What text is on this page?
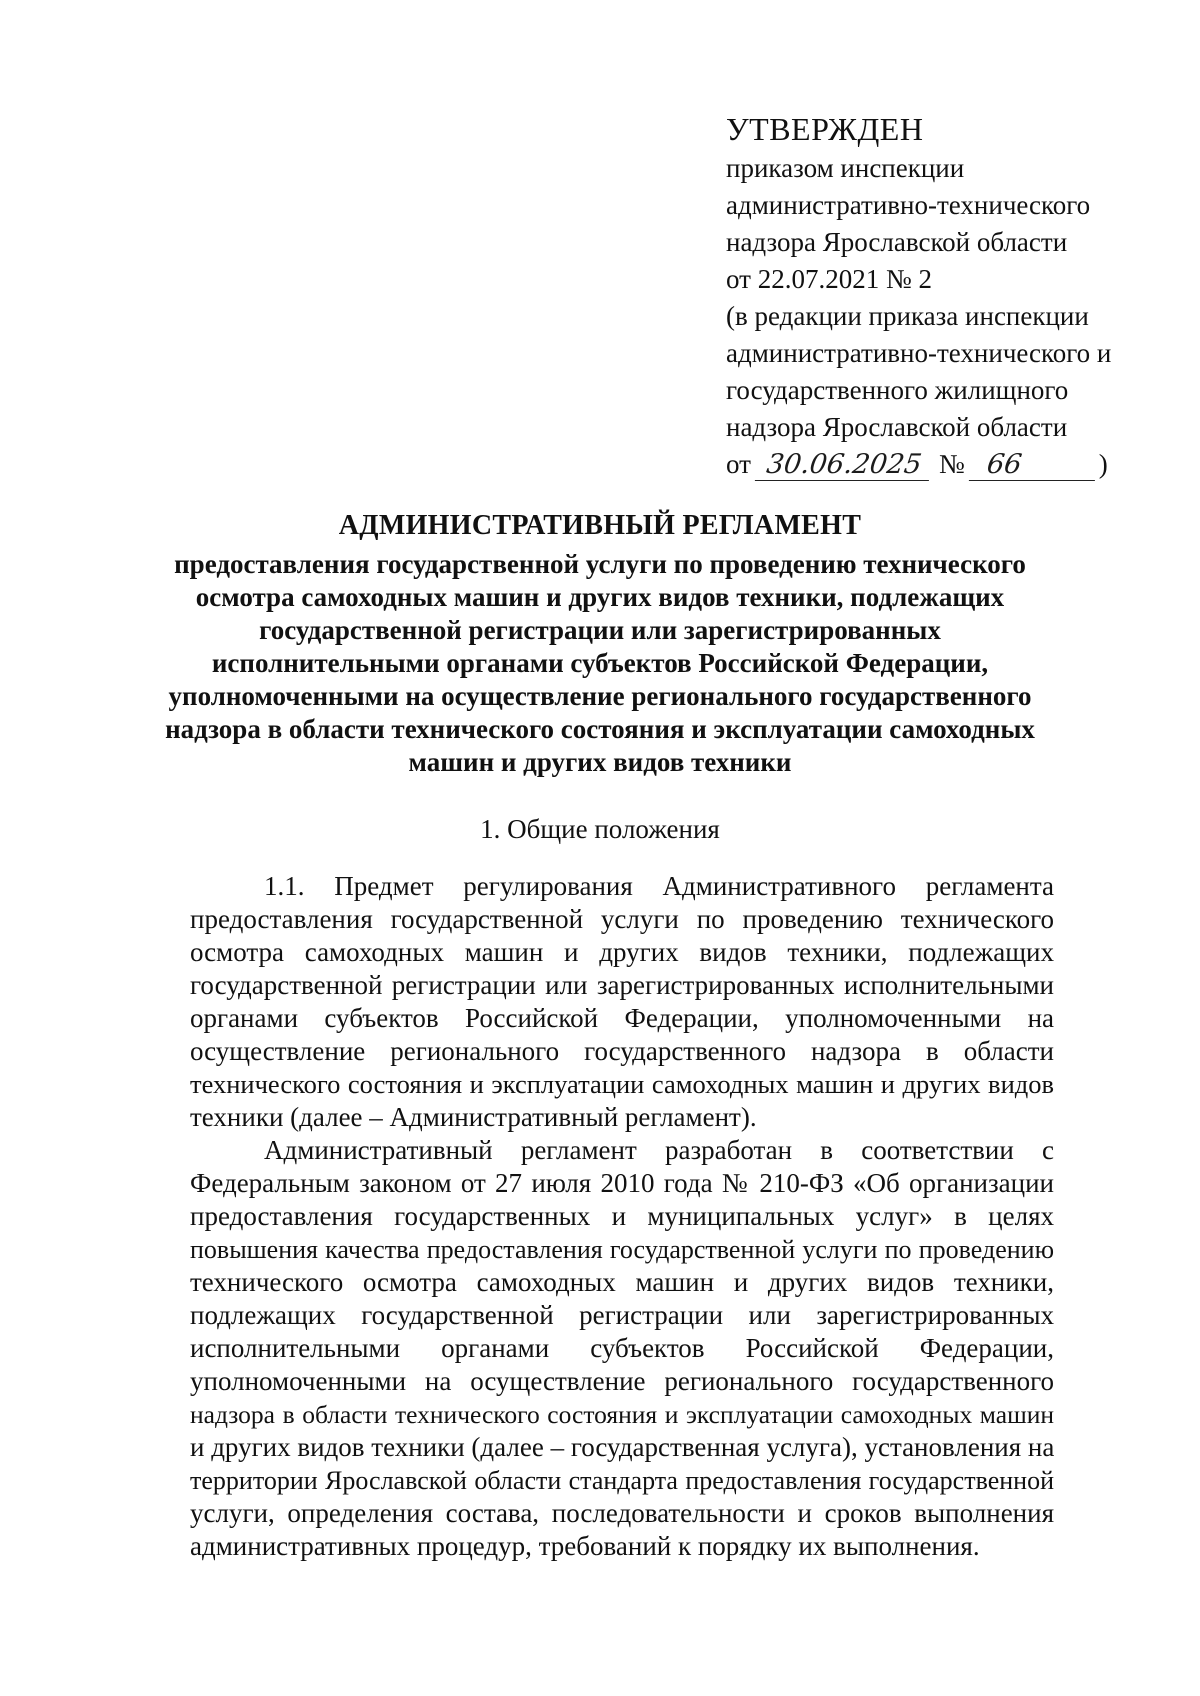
УТВЕРЖДЕН
приказом инспекции
административно-технического
надзора Ярославской области
от 22.07.2021 № 2
(в редакции приказа инспекции
административно-технического и
государственного жилищного
надзора Ярославской области
от 30.06.2025 № 66	)
АДМИНИСТРАТИВНЫЙ РЕГЛАМЕНТ
предоставления государственной услуги по проведению технического
осмотра самоходных машин и других видов техники, подлежащих
государственной регистрации или зарегистрированных
исполнительными органами субъектов Российской Федерации,
уполномоченными на осуществление регионального государственного
надзора в области технического состояния и эксплуатации самоходных
машин и других видов техники
1. Общие положения
1.1. Предмет регулирования Административного регламента
предоставления государственной услуги по проведению технического
осмотра самоходных машин и других видов техники, подлежащих
государственной регистрации или зарегистрированных исполнительными
органами субъектов Российской Федерации, уполномоченными на
осуществление регионального государственного надзора в области
технического состояния и эксплуатации самоходных машин и других видов
техники (далее – Административный регламент).
Административный регламент разработан в соответствии с
Федеральным законом от 27 июля 2010 года № 210-ФЗ «Об организации
предоставления государственных и муниципальных услуг» в целях
повышения качества предоставления государственной услуги по проведению
технического осмотра самоходных машин и других видов техники,
подлежащих государственной регистрации или зарегистрированных
исполнительными органами субъектов Российской Федерации,
уполномоченными на осуществление регионального государственного
надзора в области технического состояния и эксплуатации самоходных машин
и других видов техники (далее – государственная услуга), установления на
территории Ярославской области стандарта предоставления государственной
услуги, определения состава, последовательности и сроков выполнения
административных процедур, требований к порядку их выполнения.
